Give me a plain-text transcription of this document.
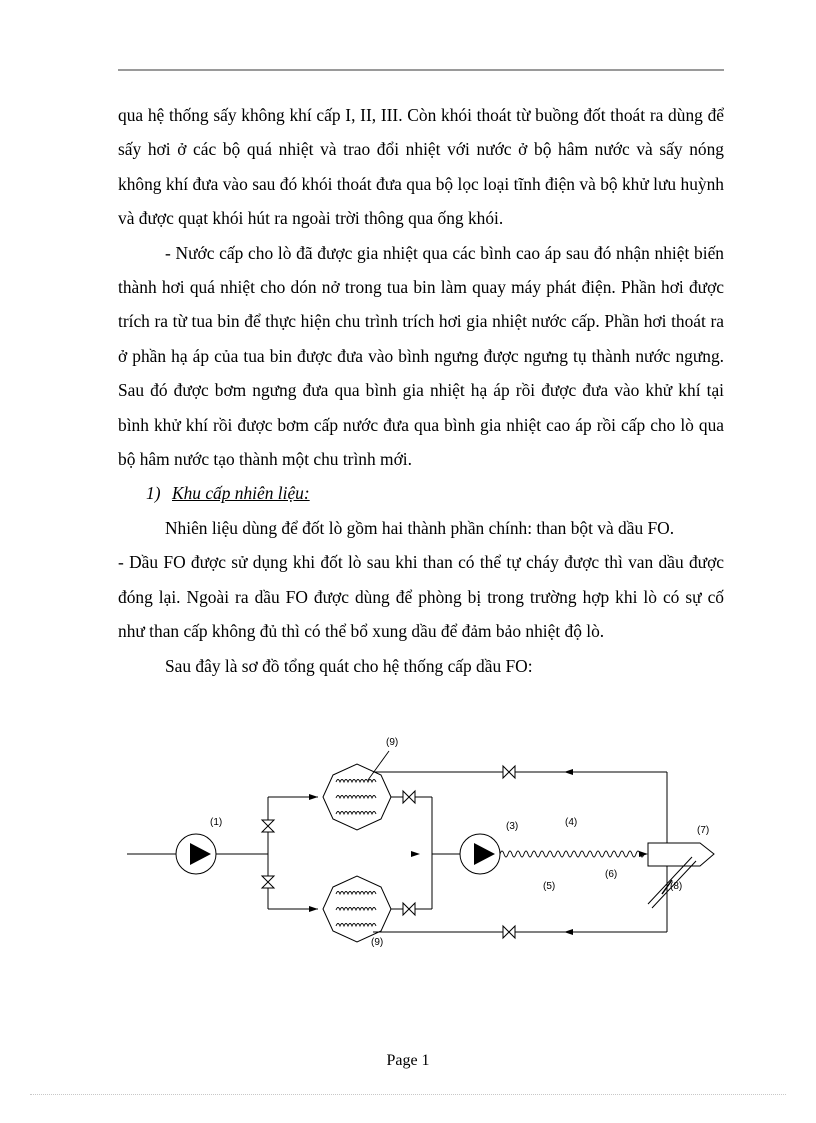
qua hệ thống sấy không khí cấp I, II, III. Còn khói thoát từ buồng đốt thoát ra dùng để sấy hơi ở các bộ quá nhiệt và trao đổi nhiệt với nước ở bộ hâm nước và sấy nóng không khí đưa vào sau đó khói thoát đưa qua bộ lọc loại tĩnh điện và bộ khử lưu huỳnh và được quạt khói hút ra ngoài trời thông qua ống khói.

- Nước cấp cho lò đã được gia nhiệt qua các bình cao áp sau đó nhận nhiệt biến thành hơi quá nhiệt cho dón nở trong tua bin làm quay máy phát điện. Phần hơi được trích ra từ tua bin để thực hiện chu trình trích hơi gia nhiệt nước cấp. Phần hơi thoát ra ở phần hạ áp của tua bin được đưa vào bình ngưng được ngưng tụ thành nước ngưng. Sau đó được bơm ngưng đưa qua bình gia nhiệt hạ áp rồi được đưa vào khử khí tại bình khử khí rồi được bơm cấp nước đưa qua bình gia nhiệt cao áp rồi cấp cho lò qua bộ hâm nước tạo thành một chu trình mới.

1) Khu cấp nhiên liệu:

Nhiên liệu dùng để đốt lò gồm hai thành phần chính: than bột và dầu FO.

- Dầu FO được sử dụng khi đốt lò sau khi than có thể tự cháy được thì van dầu được đóng lại. Ngoài ra dầu FO được dùng để phòng bị trong trường hợp khi lò có sự cố như than cấp không đủ thì có thể bổ xung dầu để đảm bảo nhiệt độ lò.

Sau đây là sơ đồ tổng quát cho hệ thống cấp dầu FO:

(1)	(3)	(4)
(5)
(6)
(7)
(8)
(9)
(9)
Page 1
